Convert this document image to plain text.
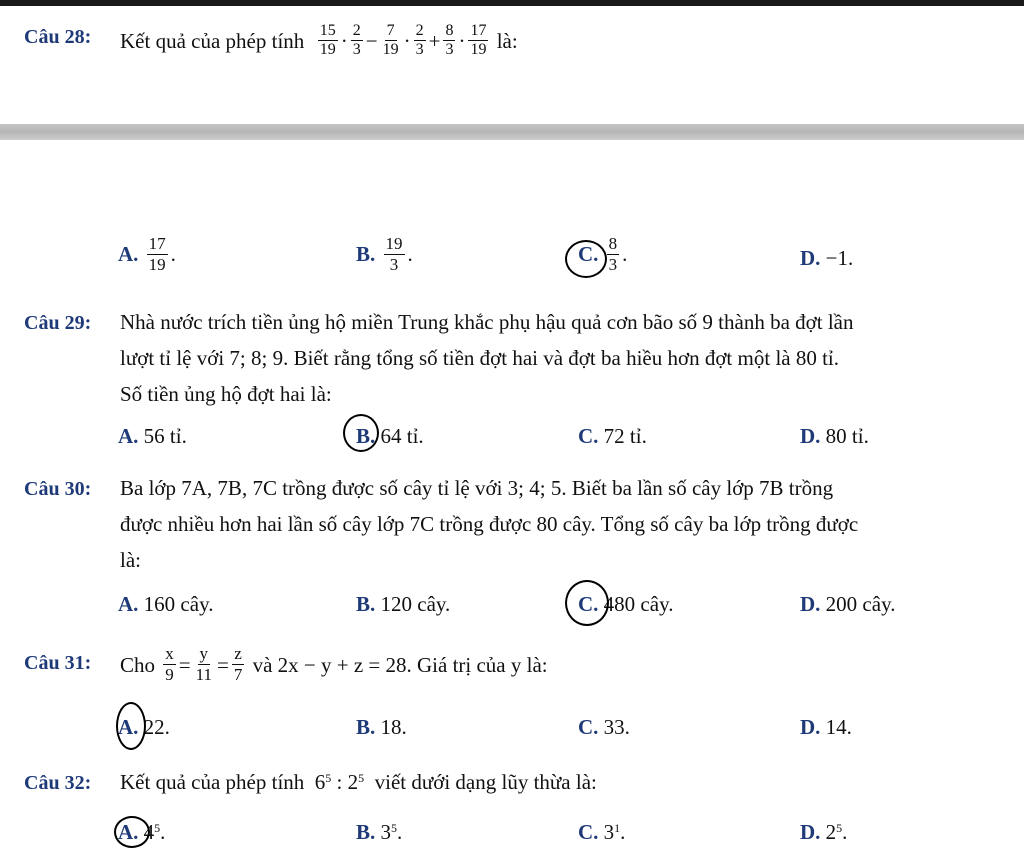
Câu 28: Kết quả của phép tính
$\frac{15}{19} \cdot \frac{2}{3} - \frac{7}{19} \cdot \frac{2}{3} + \frac{8}{3} \cdot \frac{17}{19}$
là:
A.
$\frac{17}{19}$ .	B.
$\frac{19}{3}$ .	C.
$\frac{8}{3}$ .	D.
−1.
Câu 29: Nhà nước trích tiền ủng hộ miền Trung khắc phụ hậu quả cơn bão số 9 thành ba đợt lần
lượt tỉ lệ với 7; 8; 9. Biết rằng tổng số tiền đợt hai và đợt ba hiều hơn đợt một là 80 tỉ.
Số tiền ủng hộ đợt hai là:
A.
56 tỉ.	B.
64 tỉ.	C.
72 tỉ.	D.
80 tỉ.
Câu 30: Ba lớp 7A, 7B, 7C trồng được số cây tỉ lệ với 3; 4; 5. Biết ba lần số cây lớp 7B trồng
được nhiều hơn hai lần số cây lớp 7C trồng được 80 cây. Tổng số cây ba lớp trồng được
là:
A.
160 cây.	B.
120 cây.	C.
480 cây.	D.
200 cây.
Câu 31: Cho
$\frac{x}{9} = \frac{y}{11} = \frac{z}{7}$
và
2x − y + z = 28. Giá trị của y là:
A.
22.	B.
18.	C.
33.	D.
14.
Câu 32: Kết quả của phép tính $6^5$ : $2^5$ viết dưới dạng lũy thừa là:
A.
$4^5$ .	B.
$3^5$ .	C.
$3^1$ .	D.
$2^5$ .
